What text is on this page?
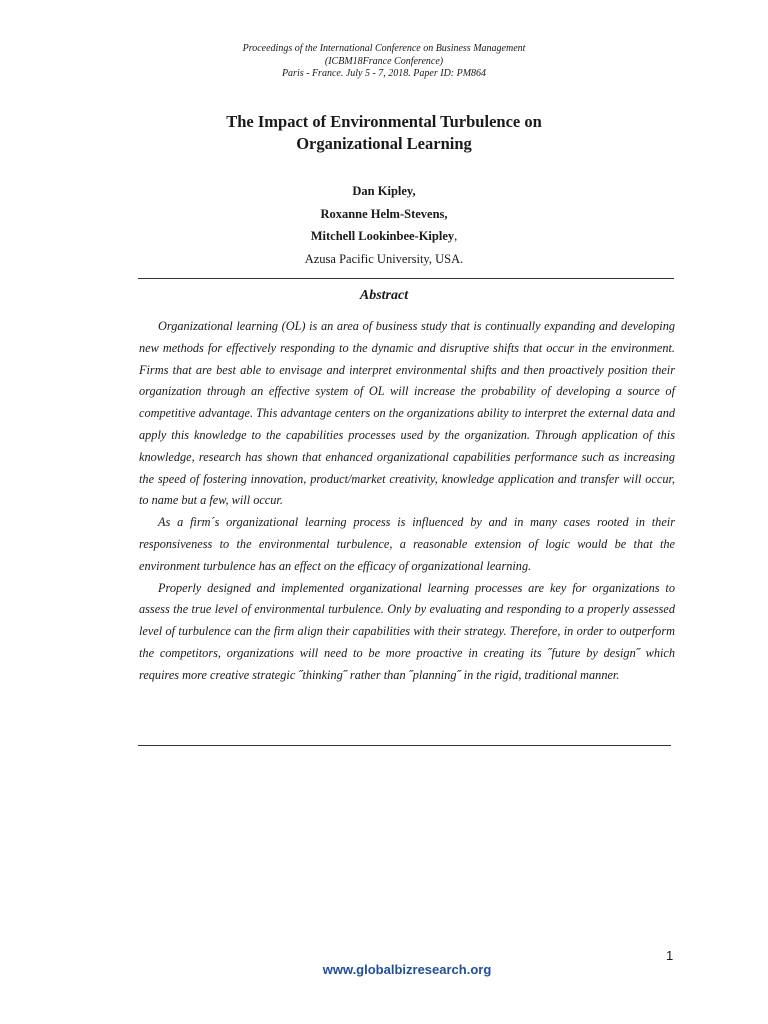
Proceedings of the International Conference on Business Management
(ICBM18France Conference)
Paris - France. July 5 - 7, 2018. Paper ID: PM864
The Impact of Environmental Turbulence on
Organizational Learning
Dan Kipley,
Roxanne Helm-Stevens,
Mitchell Lookinbee-Kipley,
Azusa Pacific University, USA.
Abstract

Organizational learning (OL) is an area of business study that is continually expanding and developing new methods for effectively responding to the dynamic and disruptive shifts that occur in the environment. Firms that are best able to envisage and interpret environmental shifts and then proactively position their organization through an effective system of OL will increase the probability of developing a source of competitive advantage. This advantage centers on the organizations ability to interpret the external data and apply this knowledge to the capabilities processes used by the organization. Through application of this knowledge, research has shown that enhanced organizational capabilities performance such as increasing the speed of fostering innovation, product/market creativity, knowledge application and transfer will occur, to name but a few, will occur.

As a firm´s organizational learning process is influenced by and in many cases rooted in their responsiveness to the environmental turbulence, a reasonable extension of logic would be that the environment turbulence has an effect on the efficacy of organizational learning.

Properly designed and implemented organizational learning processes are key for organizations to assess the true level of environmental turbulence. Only by evaluating and responding to a properly assessed level of turbulence can the firm align their capabilities with their strategy. Therefore, in order to outperform the competitors, organizations will need to be more proactive in creating its ˝future by design˝ which requires more creative strategic ˝thinking˝ rather than ˝planning˝ in the rigid, traditional manner.

1
www.globalbizresearch.org
